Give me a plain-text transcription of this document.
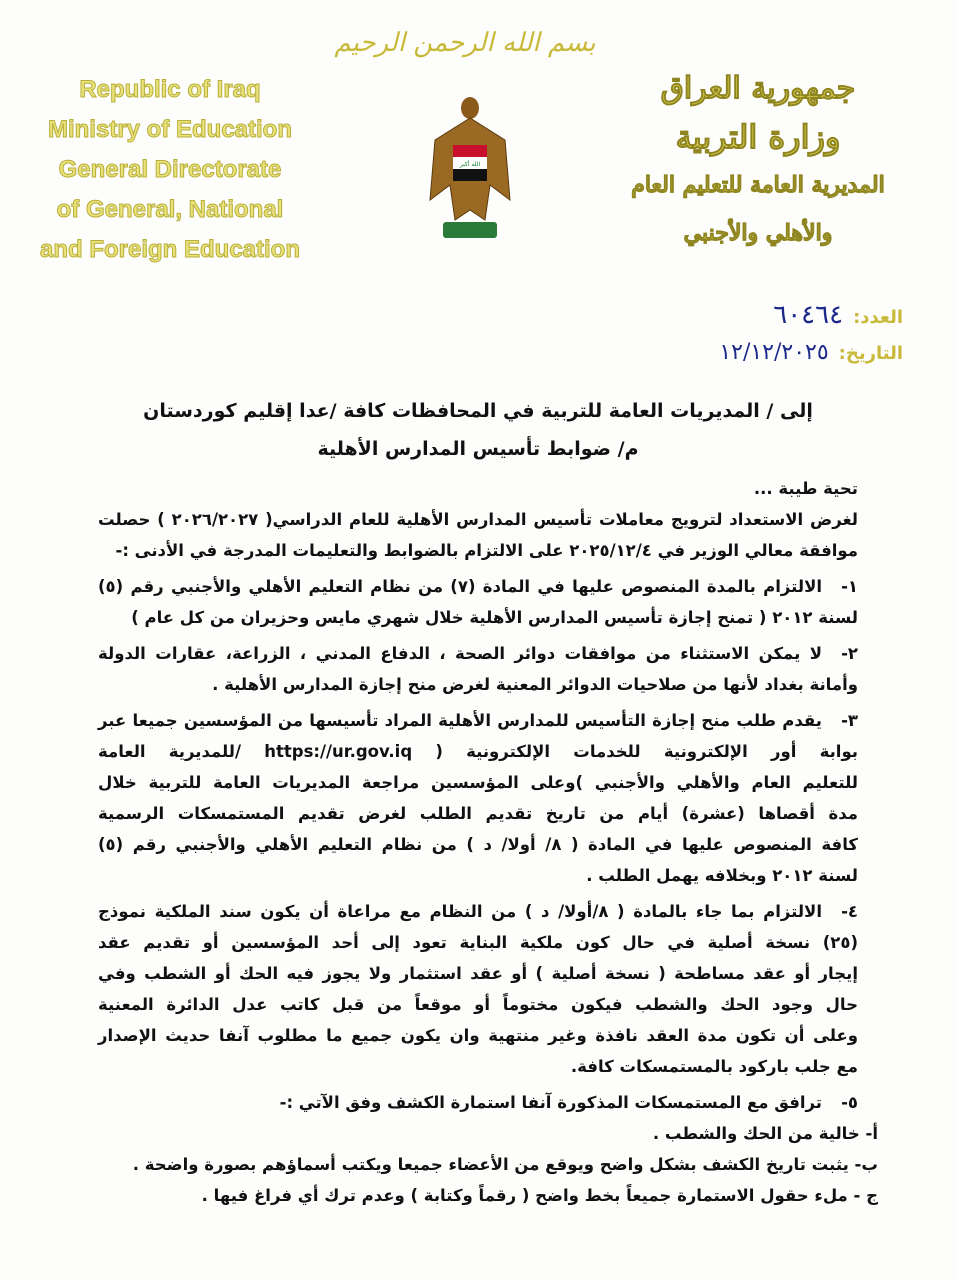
بسم الله الرحمن الرحيم
Republic of Iraq
Ministry of Education
General Directorate
of General, National
and Foreign Education
الله أكبر
جمهورية العراق
وزارة التربية
المديرية العامة للتعليم العام
والأهلي والأجنبي
العدد:٦٠٤٦٤
التاريخ:١٢/١٢/٢٠٢٥
إلى / المديريات العامة للتربية في المحافظات كافة /عدا إقليم كوردستان
م/ ضوابط تأسيس المدارس الأهلية
تحية طيبة ...
لغرض الاستعداد لترويج معاملات تأسيس المدارس الأهلية للعام الدراسي( ٢٠٢٦/٢٠٢٧ ) حصلت
موافقة معالي الوزير في ٢٠٢٥/١٢/٤ على الالتزام بالضوابط والتعليمات المدرجة في الأدنى :-
١-
الالتزام بالمدة المنصوص عليها في المادة (٧) من نظام التعليم الأهلي والأجنبي رقم (٥)
لسنة ٢٠١٢ ( تمنح إجازة تأسيس المدارس الأهلية خلال شهري مايس وحزيران من كل عام )
٢-
لا يمكن الاستثناء من موافقات دوائر الصحة ، الدفاع المدني ، الزراعة، عقارات الدولة
وأمانة بغداد لأنها من صلاحيات الدوائر المعنية لغرض منح إجازة المدارس الأهلية .
٣-
يقدم طلب منح إجازة التأسيس للمدارس الأهلية المراد تأسيسها من المؤسسين جميعا عبر
بوابة أور الإلكترونية للخدمات الإلكترونية ( https://ur.gov.iq /للمديرية العامة
للتعليم العام والأهلي والأجنبي )وعلى المؤسسين مراجعة المديريات العامة للتربية خلال
مدة أقصاها (عشرة) أيام من تاريخ تقديم الطلب لغرض تقديم المستمسكات الرسمية
كافة المنصوص عليها في المادة ( ٨/ أولا/ د ) من نظام التعليم الأهلي والأجنبي رقم (٥)
لسنة ٢٠١٢ وبخلافه يهمل الطلب .
٤-
الالتزام بما جاء بالمادة ( ٨/أولا/ د ) من النظام مع مراعاة أن يكون سند الملكية نموذج
(٢٥) نسخة أصلية في حال كون ملكية البناية تعود إلى أحد المؤسسين أو تقديم عقد
إيجار أو عقد مساطحة ( نسخة أصلية ) أو عقد استثمار ولا يجوز فيه الحك أو الشطب وفي
حال وجود الحك والشطب فيكون مختوماً أو موقعاً من قبل كاتب عدل الدائرة المعنية
وعلى أن تكون مدة العقد نافذة وغير منتهية وان يكون جميع ما مطلوب آنفا حديث الإصدار
مع جلب باركود بالمستمسكات كافة.
٥-
ترافق مع المستمسكات المذكورة آنفا استمارة الكشف وفق الآتي :-
أ- خالية من الحك والشطب .
ب- يثبت تاريخ الكشف بشكل واضح ويوقع من الأعضاء جميعا ويكتب أسماؤهم بصورة واضحة .
ج - ملء حقول الاستمارة جميعاً بخط واضح ( رقماً وكتابة ) وعدم ترك أي فراغ فيها .
